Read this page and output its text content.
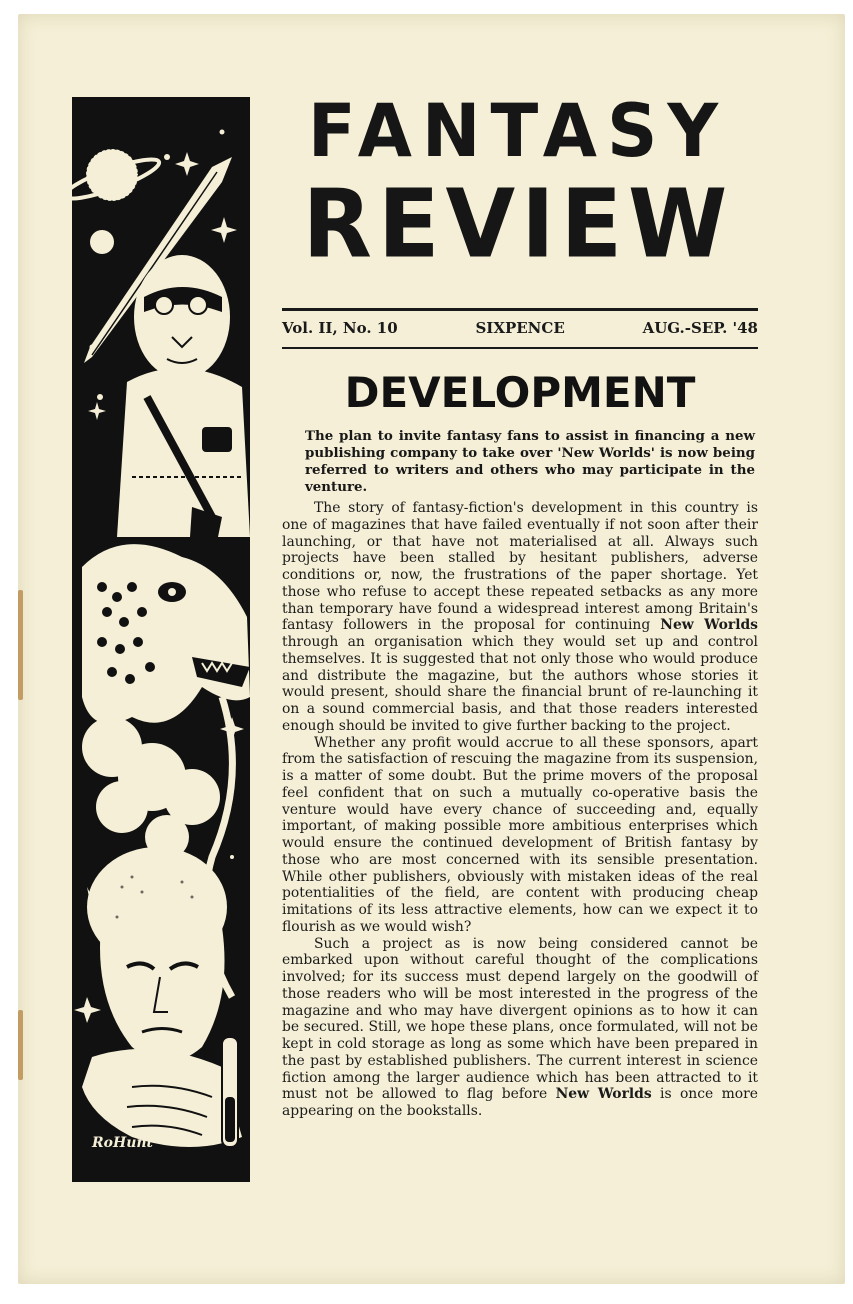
RoHunt
FANTASY
REVIEW
Vol. II, No. 10	SIXPENCE	AUG.-SEP. '48
DEVELOPMENT
The plan to invite fantasy fans to assist in financing a new publishing company to take over 'New Worlds' is now being referred to writers and others who may participate in the venture.

The story of fantasy-fiction's development in this country is one of magazines that have failed eventually if not soon after their launching, or that have not materialised at all. Always such projects have been stalled by hesitant publishers, adverse conditions or, now, the frustrations of the paper shortage. Yet those who refuse to accept these repeated setbacks as any more than temporary have found a widespread interest among Britain's fantasy followers in the proposal for continuing New Worlds through an organisation which they would set up and control themselves. It is suggested that not only those who would produce and distribute the magazine, but the authors whose stories it would present, should share the financial brunt of re-launching it on a sound commercial basis, and that those readers interested enough should be invited to give further backing to the project.

Whether any profit would accrue to all these sponsors, apart from the satisfaction of rescuing the magazine from its suspension, is a matter of some doubt. But the prime movers of the proposal feel confident that on such a mutually co-operative basis the venture would have every chance of succeeding and, equally important, of making possible more ambitious enterprises which would ensure the continued development of British fantasy by those who are most concerned with its sensible presentation. While other publishers, obviously with mistaken ideas of the real potentialities of the field, are content with producing cheap imitations of its less attractive elements, how can we expect it to flourish as we would wish?

Such a project as is now being considered cannot be embarked upon without careful thought of the complications involved; for its success must depend largely on the goodwill of those readers who will be most interested in the progress of the magazine and who may have divergent opinions as to how it can be secured. Still, we hope these plans, once formulated, will not be kept in cold storage as long as some which have been prepared in the past by established publishers. The current interest in science fiction among the larger audience which has been attracted to it must not be allowed to flag before New Worlds is once more appearing on the bookstalls.
